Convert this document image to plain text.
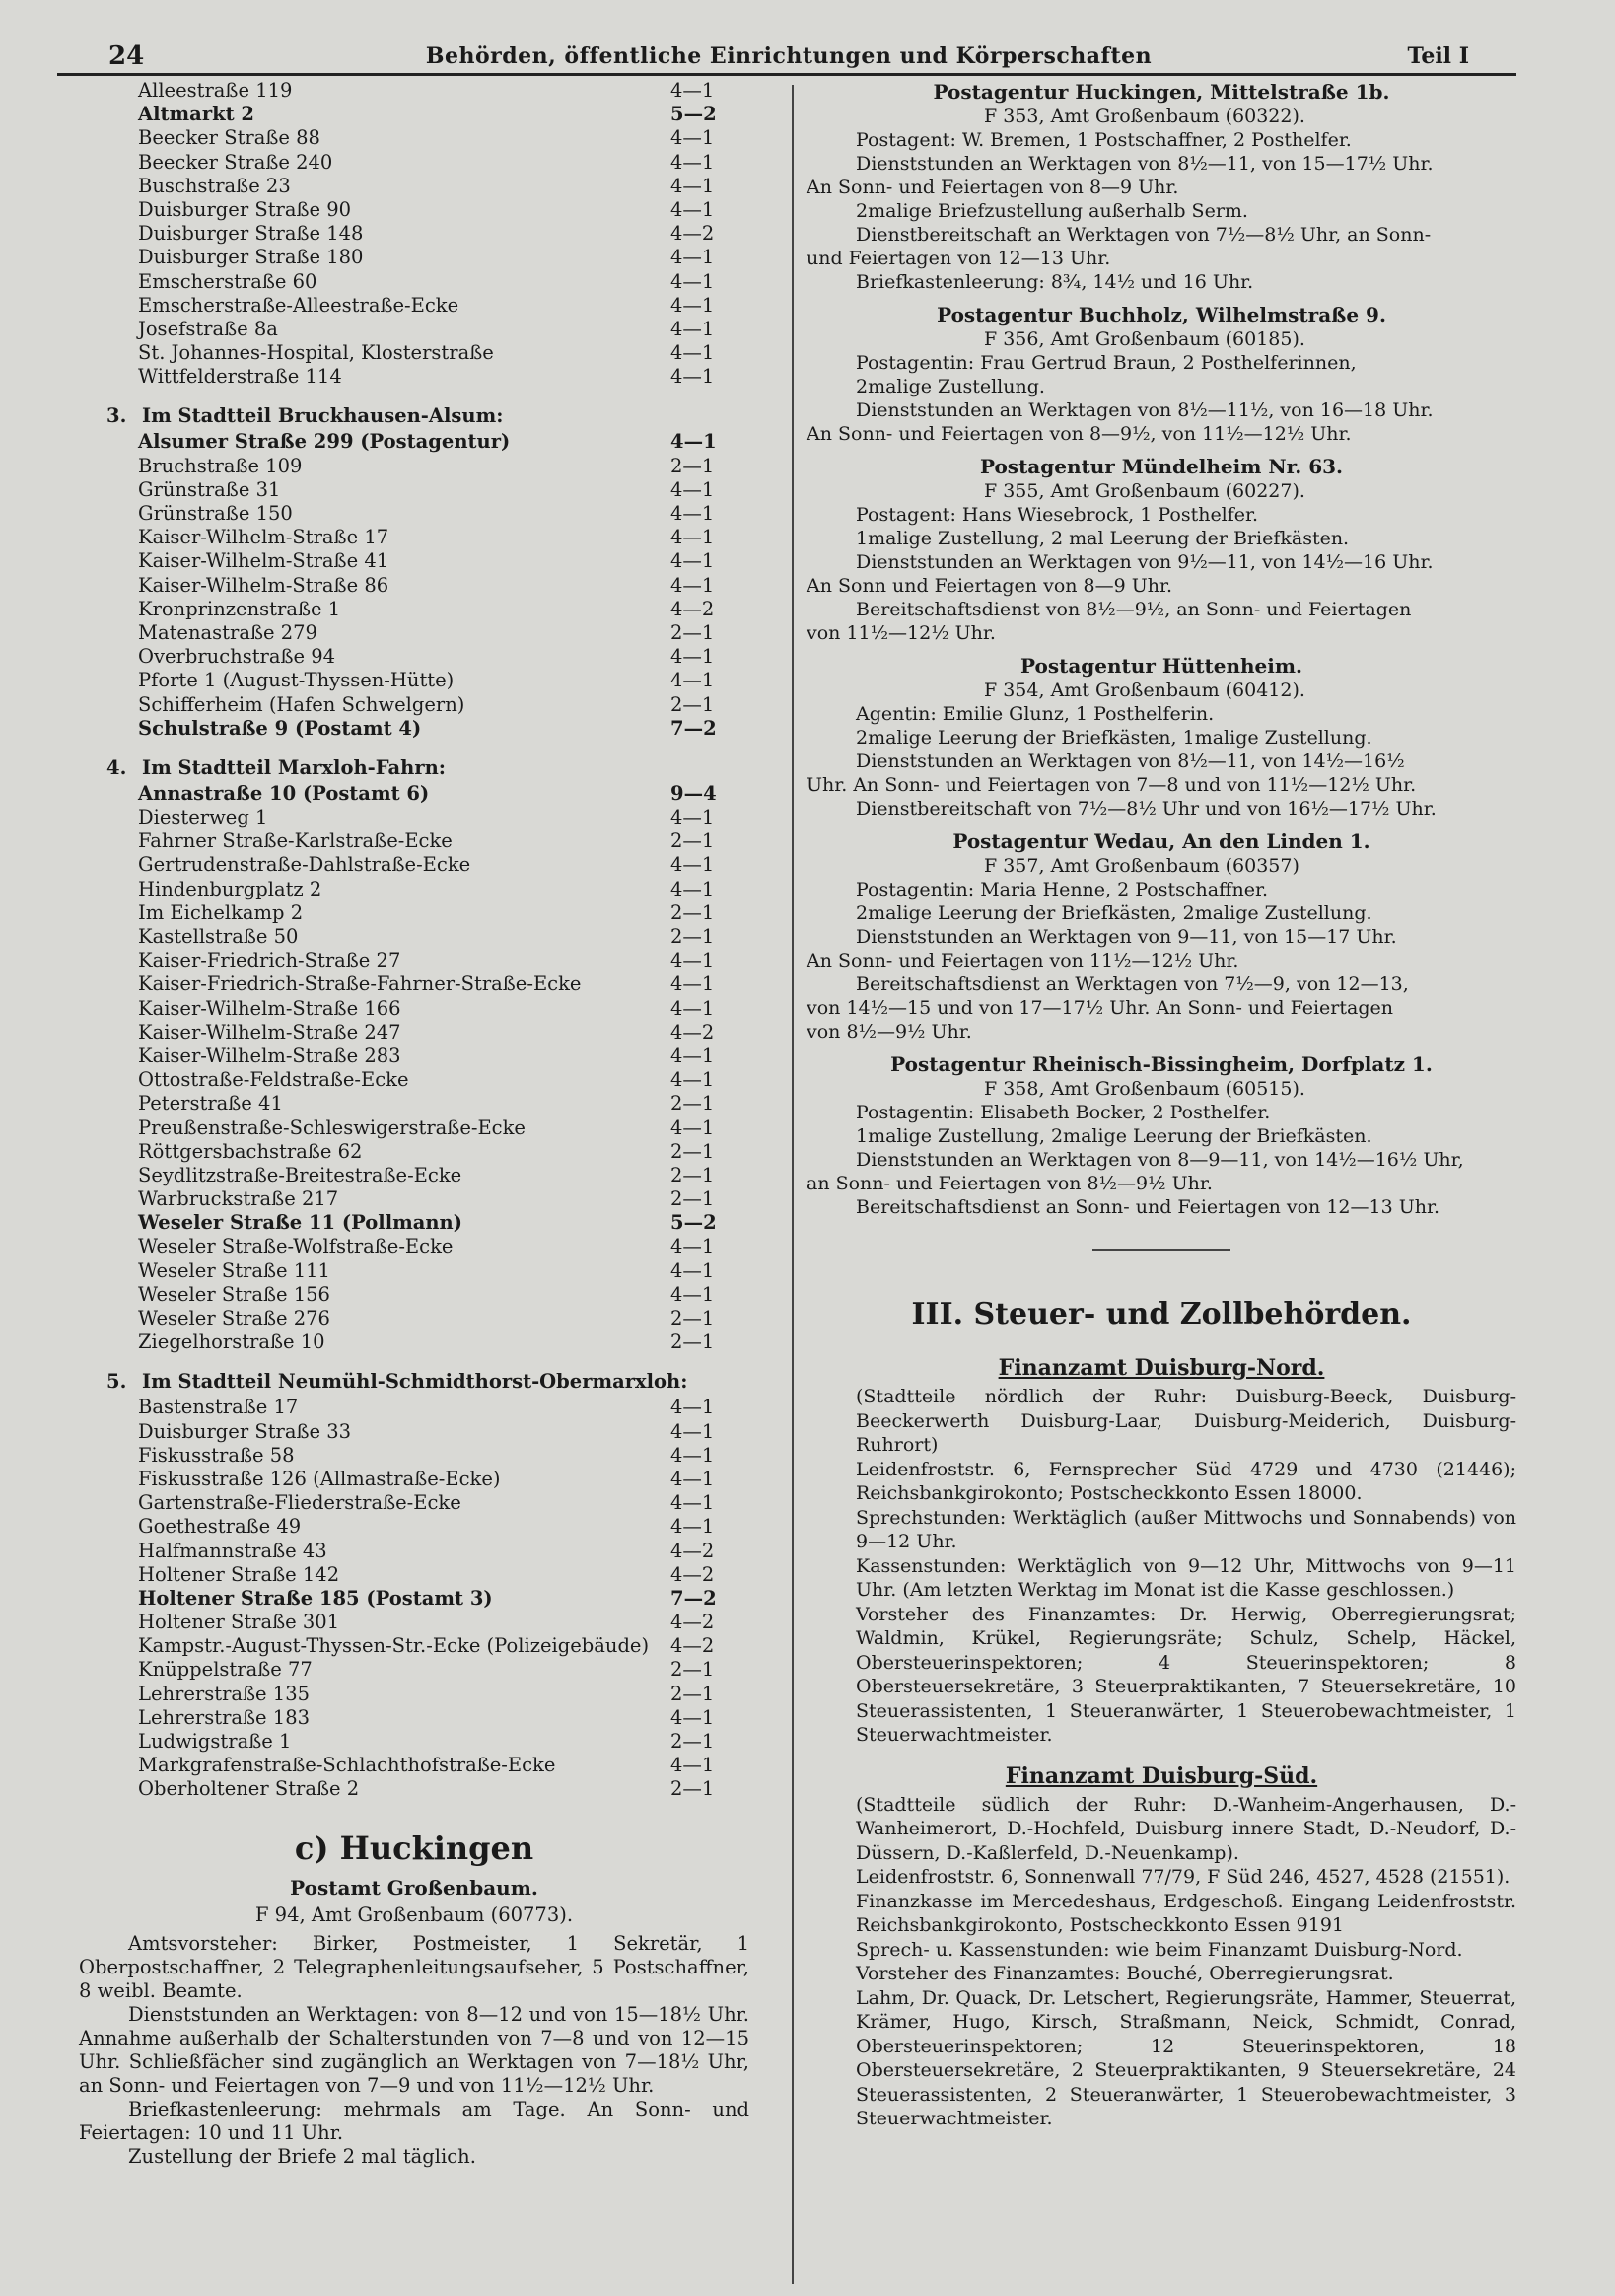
24	Behörden, öffentliche Einrichtungen und Körperschaften	Teil I
Alleestraße 119	4—1
Altmarkt 2	5—2
Beecker Straße 88	4—1
Beecker Straße 240	4—1
Buschstraße 23	4—1
Duisburger Straße 90	4—1
Duisburger Straße 148	4—2
Duisburger Straße 180	4—1
Emscherstraße 60	4—1
Emscherstraße-Alleestraße-Ecke	4—1
Josefstraße 8a	4—1
St. Johannes-Hospital, Klosterstraße	4—1
Wittfelderstraße 114	4—1
3. Im Stadtteil Bruckhausen-Alsum:
Alsumer Straße 299 (Postagentur)	4—1
Bruchstraße 109	2—1
Grünstraße 31	4—1
Grünstraße 150	4—1
Kaiser-Wilhelm-Straße 17	4—1
Kaiser-Wilhelm-Straße 41	4—1
Kaiser-Wilhelm-Straße 86	4—1
Kronprinzenstraße 1	4—2
Matenastraße 279	2—1
Overbruchstraße 94	4—1
Pforte 1 (August-Thyssen-Hütte)	4—1
Schifferheim (Hafen Schwelgern)	2—1
Schulstraße 9 (Postamt 4)	7—2
4. Im Stadtteil Marxloh-Fahrn:
Annastraße 10 (Postamt 6)	9—4
Diesterweg 1	4—1
Fahrner Straße-Karlstraße-Ecke	2—1
Gertrudenstraße-Dahlstraße-Ecke	4—1
Hindenburgplatz 2	4—1
Im Eichelkamp 2	2—1
Kastellstraße 50	2—1
Kaiser-Friedrich-Straße 27	4—1
Kaiser-Friedrich-Straße-Fahrner-Straße-Ecke	4—1
Kaiser-Wilhelm-Straße 166	4—1
Kaiser-Wilhelm-Straße 247	4—2
Kaiser-Wilhelm-Straße 283	4—1
Ottostraße-Feldstraße-Ecke	4—1
Peterstraße 41	2—1
Preußenstraße-Schleswigerstraße-Ecke	4—1
Röttgersbachstraße 62	2—1
Seydlitzstraße-Breitestraße-Ecke	2—1
Warbruckstraße 217	2—1
Weseler Straße 11 (Pollmann)	5—2
Weseler Straße-Wolfstraße-Ecke	4—1
Weseler Straße 111	4—1
Weseler Straße 156	4—1
Weseler Straße 276	2—1
Ziegelhorstraße 10	2—1
5. Im Stadtteil Neumühl-Schmidthorst-Obermarxloh:
Bastenstraße 17	4—1
Duisburger Straße 33	4—1
Fiskusstraße 58	4—1
Fiskusstraße 126 (Allmastraße-Ecke)	4—1
Gartenstraße-Fliederstraße-Ecke	4—1
Goethestraße 49	4—1
Halfmannstraße 43	4—2
Holtener Straße 142	4—2
Holtener Straße 185 (Postamt 3)	7—2
Holtener Straße 301	4—2
Kampstr.-August-Thyssen-Str.-Ecke (Polizeigebäude) 4—2
Knüppelstraße 77	2—1
Lehrerstraße 135	2—1
Lehrerstraße 183	4—1
Ludwigstraße 1	2—1
Markgrafenstraße-Schlachthofstraße-Ecke	4—1
Oberholtener Straße 2	2—1
c) Huckingen
Postamt Großenbaum.
F 94, Amt Großenbaum (60773).

Amtsvorsteher: Birker, Postmeister, 1 Sekretär, 1 Oberpostschaffner, 2 Telegraphenleitungsaufseher, 5 Postschaffner, 8 weibl. Beamte.

Dienststunden an Werktagen: von 8—12 und von 15—18½ Uhr. Annahme außerhalb der Schalterstunden von 7—8 und von 12—15 Uhr. Schließfächer sind zugänglich an Werktagen von 7—18½ Uhr, an Sonn- und Feiertagen von 7—9 und von 11½—12½ Uhr.

Briefkastenleerung: mehrmals am Tage. An Sonn- und Feiertagen: 10 und 11 Uhr.

Zustellung der Briefe 2 mal täglich.

Postagentur Huckingen, Mittelstraße 1b.
F 353, Amt Großenbaum (60322).
Postagent: W. Bremen, 1 Postschaffner, 2 Posthelfer.
Dienststunden an Werktagen von 8½—11, von 15—17½ Uhr.
An Sonn- und Feiertagen von 8—9 Uhr.
2malige Briefzustellung außerhalb Serm.
Dienstbereitschaft an Werktagen von 7½—8½ Uhr, an Sonn-
und Feiertagen von 12—13 Uhr.
Briefkastenleerung: 8¾, 14½ und 16 Uhr.
Postagentur Buchholz, Wilhelmstraße 9.
F 356, Amt Großenbaum (60185).
Postagentin: Frau Gertrud Braun, 2 Posthelferinnen,
2malige Zustellung.
Dienststunden an Werktagen von 8½—11½, von 16—18 Uhr.
An Sonn- und Feiertagen von 8—9½, von 11½—12½ Uhr.
Postagentur Mündelheim Nr. 63.
F 355, Amt Großenbaum (60227).
Postagent: Hans Wiesebrock, 1 Posthelfer.
1malige Zustellung, 2 mal Leerung der Briefkästen.
Dienststunden an Werktagen von 9½—11, von 14½—16 Uhr.
An Sonn und Feiertagen von 8—9 Uhr.
Bereitschaftsdienst von 8½—9½, an Sonn- und Feiertagen
von 11½—12½ Uhr.
Postagentur Hüttenheim.
F 354, Amt Großenbaum (60412).
Agentin: Emilie Glunz, 1 Posthelferin.
2malige Leerung der Briefkästen, 1malige Zustellung.
Dienststunden an Werktagen von 8½—11, von 14½—16½
Uhr. An Sonn- und Feiertagen von 7—8 und von 11½—12½ Uhr.
Dienstbereitschaft von 7½—8½ Uhr und von 16½—17½ Uhr.
Postagentur Wedau, An den Linden 1.
F 357, Amt Großenbaum (60357)
Postagentin: Maria Henne, 2 Postschaffner.
2malige Leerung der Briefkästen, 2malige Zustellung.
Dienststunden an Werktagen von 9—11, von 15—17 Uhr.
An Sonn- und Feiertagen von 11½—12½ Uhr.
Bereitschaftsdienst an Werktagen von 7½—9, von 12—13,
von 14½—15 und von 17—17½ Uhr. An Sonn- und Feiertagen
von 8½—9½ Uhr.
Postagentur Rheinisch-Bissingheim, Dorfplatz 1.
F 358, Amt Großenbaum (60515).
Postagentin: Elisabeth Bocker, 2 Posthelfer.
1malige Zustellung, 2malige Leerung der Briefkästen.
Dienststunden an Werktagen von 8—9—11, von 14½—16½ Uhr,
an Sonn- und Feiertagen von 8½—9½ Uhr.
Bereitschaftsdienst an Sonn- und Feiertagen von 12—13 Uhr.
III. Steuer- und Zollbehörden.
Finanzamt Duisburg-Nord.
(Stadtteile nördlich der Ruhr: Duisburg-Beeck, Duisburg-Beeckerwerth Duisburg-Laar, Duisburg-Meiderich, Duisburg-Ruhrort)
Leidenfroststr. 6, Fernsprecher Süd 4729 und 4730 (21446); Reichsbankgirokonto; Postscheckkonto Essen 18000.
Sprechstunden: Werktäglich (außer Mittwochs und Sonnabends) von 9—12 Uhr.
Kassenstunden: Werktäglich von 9—12 Uhr, Mittwochs von 9—11 Uhr. (Am letzten Werktag im Monat ist die Kasse geschlossen.)
Vorsteher des Finanzamtes: Dr. Herwig, Oberregierungsrat; Waldmin, Krükel, Regierungsräte; Schulz, Schelp, Häckel, Obersteuerinspektoren; 4 Steuerinspektoren; 8 Obersteuersekretäre, 3 Steuerpraktikanten, 7 Steuersekretäre, 10 Steuerassistenten, 1 Steueranwärter, 1 Steuerobewachtmeister, 1 Steuerwachtmeister.
Finanzamt Duisburg-Süd.
(Stadtteile südlich der Ruhr: D.-Wanheim-Angerhausen, D.-Wanheimerort, D.-Hochfeld, Duisburg innere Stadt, D.-Neudorf, D.-Düssern, D.-Kaßlerfeld, D.-Neuenkamp).
Leidenfroststr. 6, Sonnenwall 77/79, F Süd 246, 4527, 4528 (21551).
Finanzkasse im Mercedeshaus, Erdgeschoß. Eingang Leidenfroststr. Reichsbankgirokonto, Postscheckkonto Essen 9191
Sprech- u. Kassenstunden: wie beim Finanzamt Duisburg-Nord.
Vorsteher des Finanzamtes: Bouché, Oberregierungsrat.
Lahm, Dr. Quack, Dr. Letschert, Regierungsräte, Hammer, Steuerrat, Krämer, Hugo, Kirsch, Straßmann, Neick, Schmidt, Conrad, Obersteuerinspektoren; 12 Steuerinspektoren, 18 Obersteuersekretäre, 2 Steuerpraktikanten, 9 Steuersekretäre, 24 Steuerassistenten, 2 Steueranwärter, 1 Steuerobewachtmeister, 3 Steuerwachtmeister.
